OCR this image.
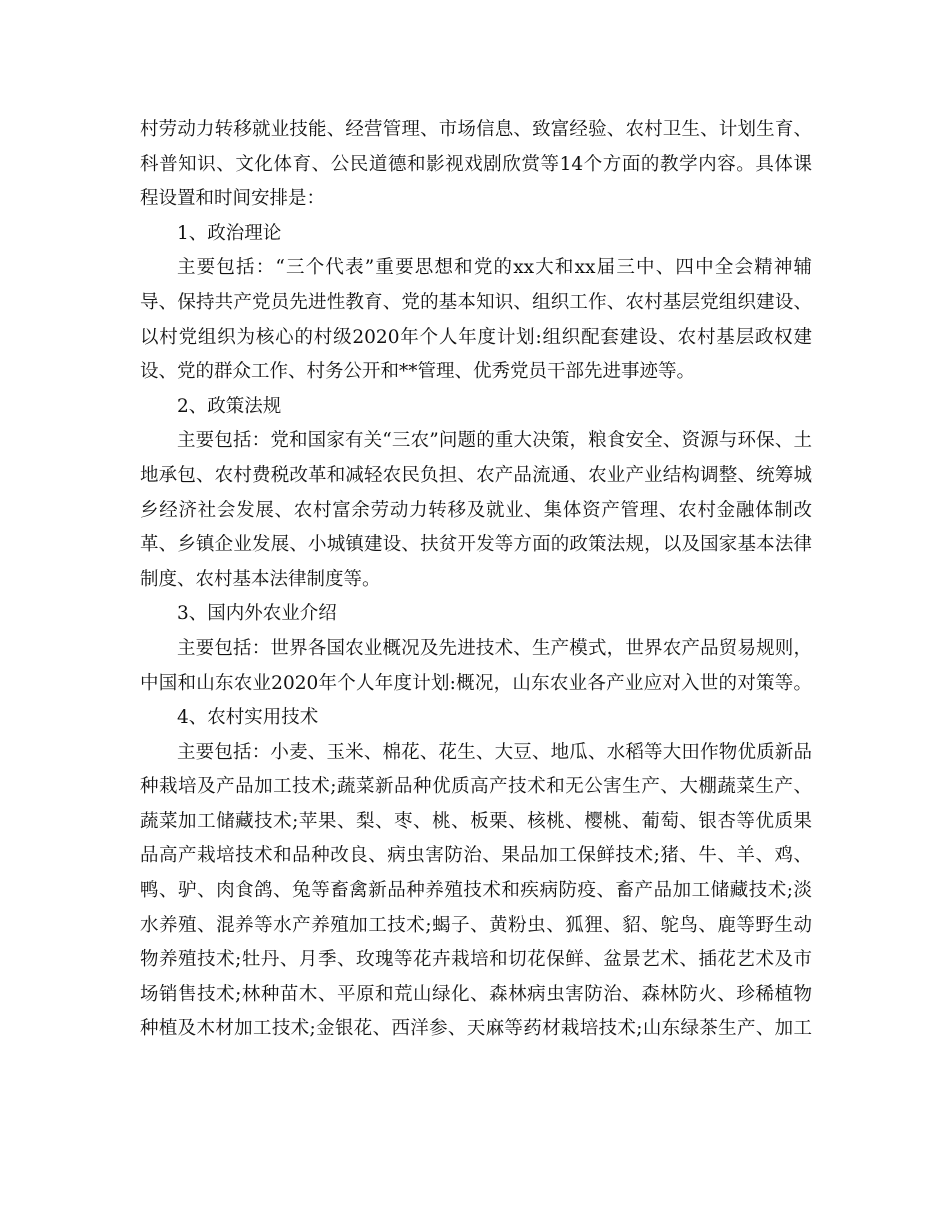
村劳动力转移就业技能、经营管理、市场信息、致富经验、农村卫生、计划生育、
科普知识、文化体育、公民道德和影视戏剧欣赏等14个方面的教学内容。具体课
程设置和时间安排是：
1、政治理论
主要包括：“三个代表”重要思想和党的xx大和xx届三中、四中全会精神辅
导、保持共产党员先进性教育、党的基本知识、组织工作、农村基层党组织建设、
以村党组织为核心的村级2020年个人年度计划:组织配套建设、农村基层政权建
设、党的群众工作、村务公开和**管理、优秀党员干部先进事迹等。
2、政策法规
主要包括：党和国家有关“三农”问题的重大决策，粮食安全、资源与环保、土
地承包、农村费税改革和减轻农民负担、农产品流通、农业产业结构调整、统筹城
乡经济社会发展、农村富余劳动力转移及就业、集体资产管理、农村金融体制改
革、乡镇企业发展、小城镇建设、扶贫开发等方面的政策法规，以及国家基本法律
制度、农村基本法律制度等。
3、国内外农业介绍
主要包括：世界各国农业概况及先进技术、生产模式，世界农产品贸易规则，
中国和山东农业2020年个人年度计划:概况，山东农业各产业应对入世的对策等。
4、农村实用技术
主要包括：小麦、玉米、棉花、花生、大豆、地瓜、水稻等大田作物优质新品
种栽培及产品加工技术;蔬菜新品种优质高产技术和无公害生产、大棚蔬菜生产、
蔬菜加工储藏技术;苹果、梨、枣、桃、板栗、核桃、樱桃、葡萄、银杏等优质果
品高产栽培技术和品种改良、病虫害防治、果品加工保鲜技术;猪、牛、羊、鸡、
鸭、驴、肉食鸽、兔等畜禽新品种养殖技术和疾病防疫、畜产品加工储藏技术;淡
水养殖、混养等水产养殖加工技术;蝎子、黄粉虫、狐狸、貂、鸵鸟、鹿等野生动
物养殖技术;牡丹、月季、玫瑰等花卉栽培和切花保鲜、盆景艺术、插花艺术及市
场销售技术;林种苗木、平原和荒山绿化、森林病虫害防治、森林防火、珍稀植物
种植及木材加工技术;金银花、西洋参、天麻等药材栽培技术;山东绿茶生产、加工
